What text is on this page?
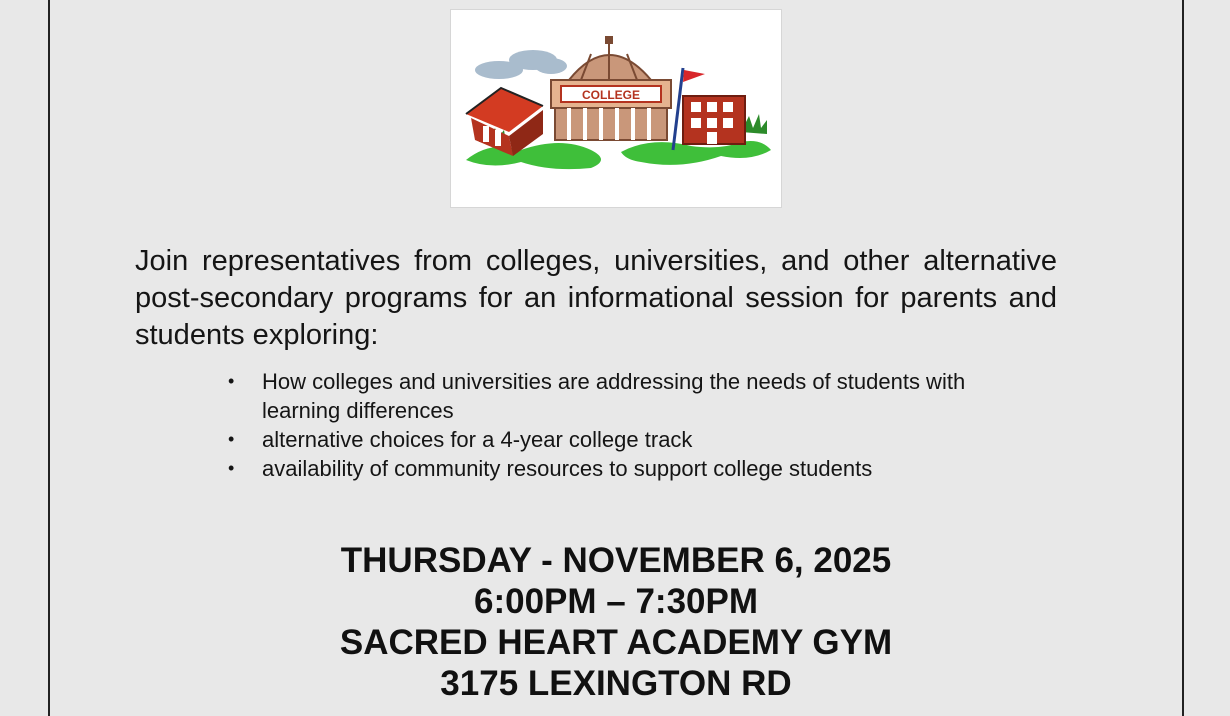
COLLEGE

Join representatives from colleges, universities, and other alternative post-secondary programs for an informational session for parents and students exploring:

• How colleges and universities are addressing the needs of students with learning differences
• alternative choices for a 4-year college track
• availability of community resources to support college students

THURSDAY - NOVEMBER 6, 2025

6:00PM – 7:30PM

SACRED HEART ACADEMY GYM

3175 LEXINGTON RD
